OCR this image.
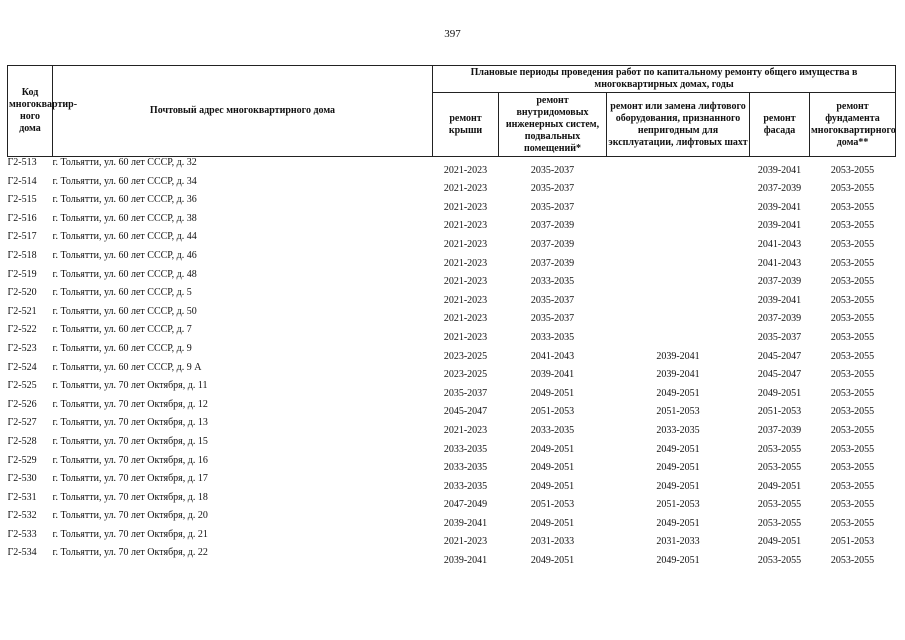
397
Код многоквартир-ного дома	Почтовый адрес многоквартирного дома	Плановые периоды проведения работ по капитальному ремонту общего имущества в многоквартирных домах, годы				
		ремонт крыши	ремонт внутридомовых инженерных систем, подвальных помещений*	ремонт или замена лифтового оборудования, признанного непригодным для эксплуатации, лифтовых шахт	ремонт фасада	ремонт фундамента многоквартирного дома**
Г2-513	г. Тольятти, ул. 60 лет СССР, д. 32	2021-2023	2035-2037		2039-2041	2053-2055
Г2-514	г. Тольятти, ул. 60 лет СССР, д. 34	2021-2023	2035-2037		2037-2039	2053-2055
Г2-515	г. Тольятти, ул. 60 лет СССР, д. 36	2021-2023	2035-2037		2039-2041	2053-2055
Г2-516	г. Тольятти, ул. 60 лет СССР, д. 38	2021-2023	2037-2039		2039-2041	2053-2055
Г2-517	г. Тольятти, ул. 60 лет СССР, д. 44	2021-2023	2037-2039		2041-2043	2053-2055
Г2-518	г. Тольятти, ул. 60 лет СССР, д. 46	2021-2023	2037-2039		2041-2043	2053-2055
Г2-519	г. Тольятти, ул. 60 лет СССР, д. 48	2021-2023	2033-2035		2037-2039	2053-2055
Г2-520	г. Тольятти, ул. 60 лет СССР, д. 5	2021-2023	2035-2037		2039-2041	2053-2055
Г2-521	г. Тольятти, ул. 60 лет СССР, д. 50	2021-2023	2035-2037		2037-2039	2053-2055
Г2-522	г. Тольятти, ул. 60 лет СССР, д. 7	2021-2023	2033-2035		2035-2037	2053-2055
Г2-523	г. Тольятти, ул. 60 лет СССР, д. 9	2023-2025	2041-2043	2039-2041	2045-2047	2053-2055
Г2-524	г. Тольятти, ул. 60 лет СССР, д. 9 А	2023-2025	2039-2041	2039-2041	2045-2047	2053-2055
Г2-525	г. Тольятти, ул. 70 лет Октября, д. 11	2035-2037	2049-2051	2049-2051	2049-2051	2053-2055
Г2-526	г. Тольятти, ул. 70 лет Октября, д. 12	2045-2047	2051-2053	2051-2053	2051-2053	2053-2055
Г2-527	г. Тольятти, ул. 70 лет Октября, д. 13	2021-2023	2033-2035	2033-2035	2037-2039	2053-2055
Г2-528	г. Тольятти, ул. 70 лет Октября, д. 15	2033-2035	2049-2051	2049-2051	2053-2055	2053-2055
Г2-529	г. Тольятти, ул. 70 лет Октября, д. 16	2033-2035	2049-2051	2049-2051	2053-2055	2053-2055
Г2-530	г. Тольятти, ул. 70 лет Октября, д. 17	2033-2035	2049-2051	2049-2051	2049-2051	2053-2055
Г2-531	г. Тольятти, ул. 70 лет Октября, д. 18	2047-2049	2051-2053	2051-2053	2053-2055	2053-2055
Г2-532	г. Тольятти, ул. 70 лет Октября, д. 20	2039-2041	2049-2051	2049-2051	2053-2055	2053-2055
Г2-533	г. Тольятти, ул. 70 лет Октября, д. 21	2021-2023	2031-2033	2031-2033	2049-2051	2051-2053
Г2-534	г. Тольятти, ул. 70 лет Октября, д. 22	2039-2041	2049-2051	2049-2051	2053-2055	2053-2055
